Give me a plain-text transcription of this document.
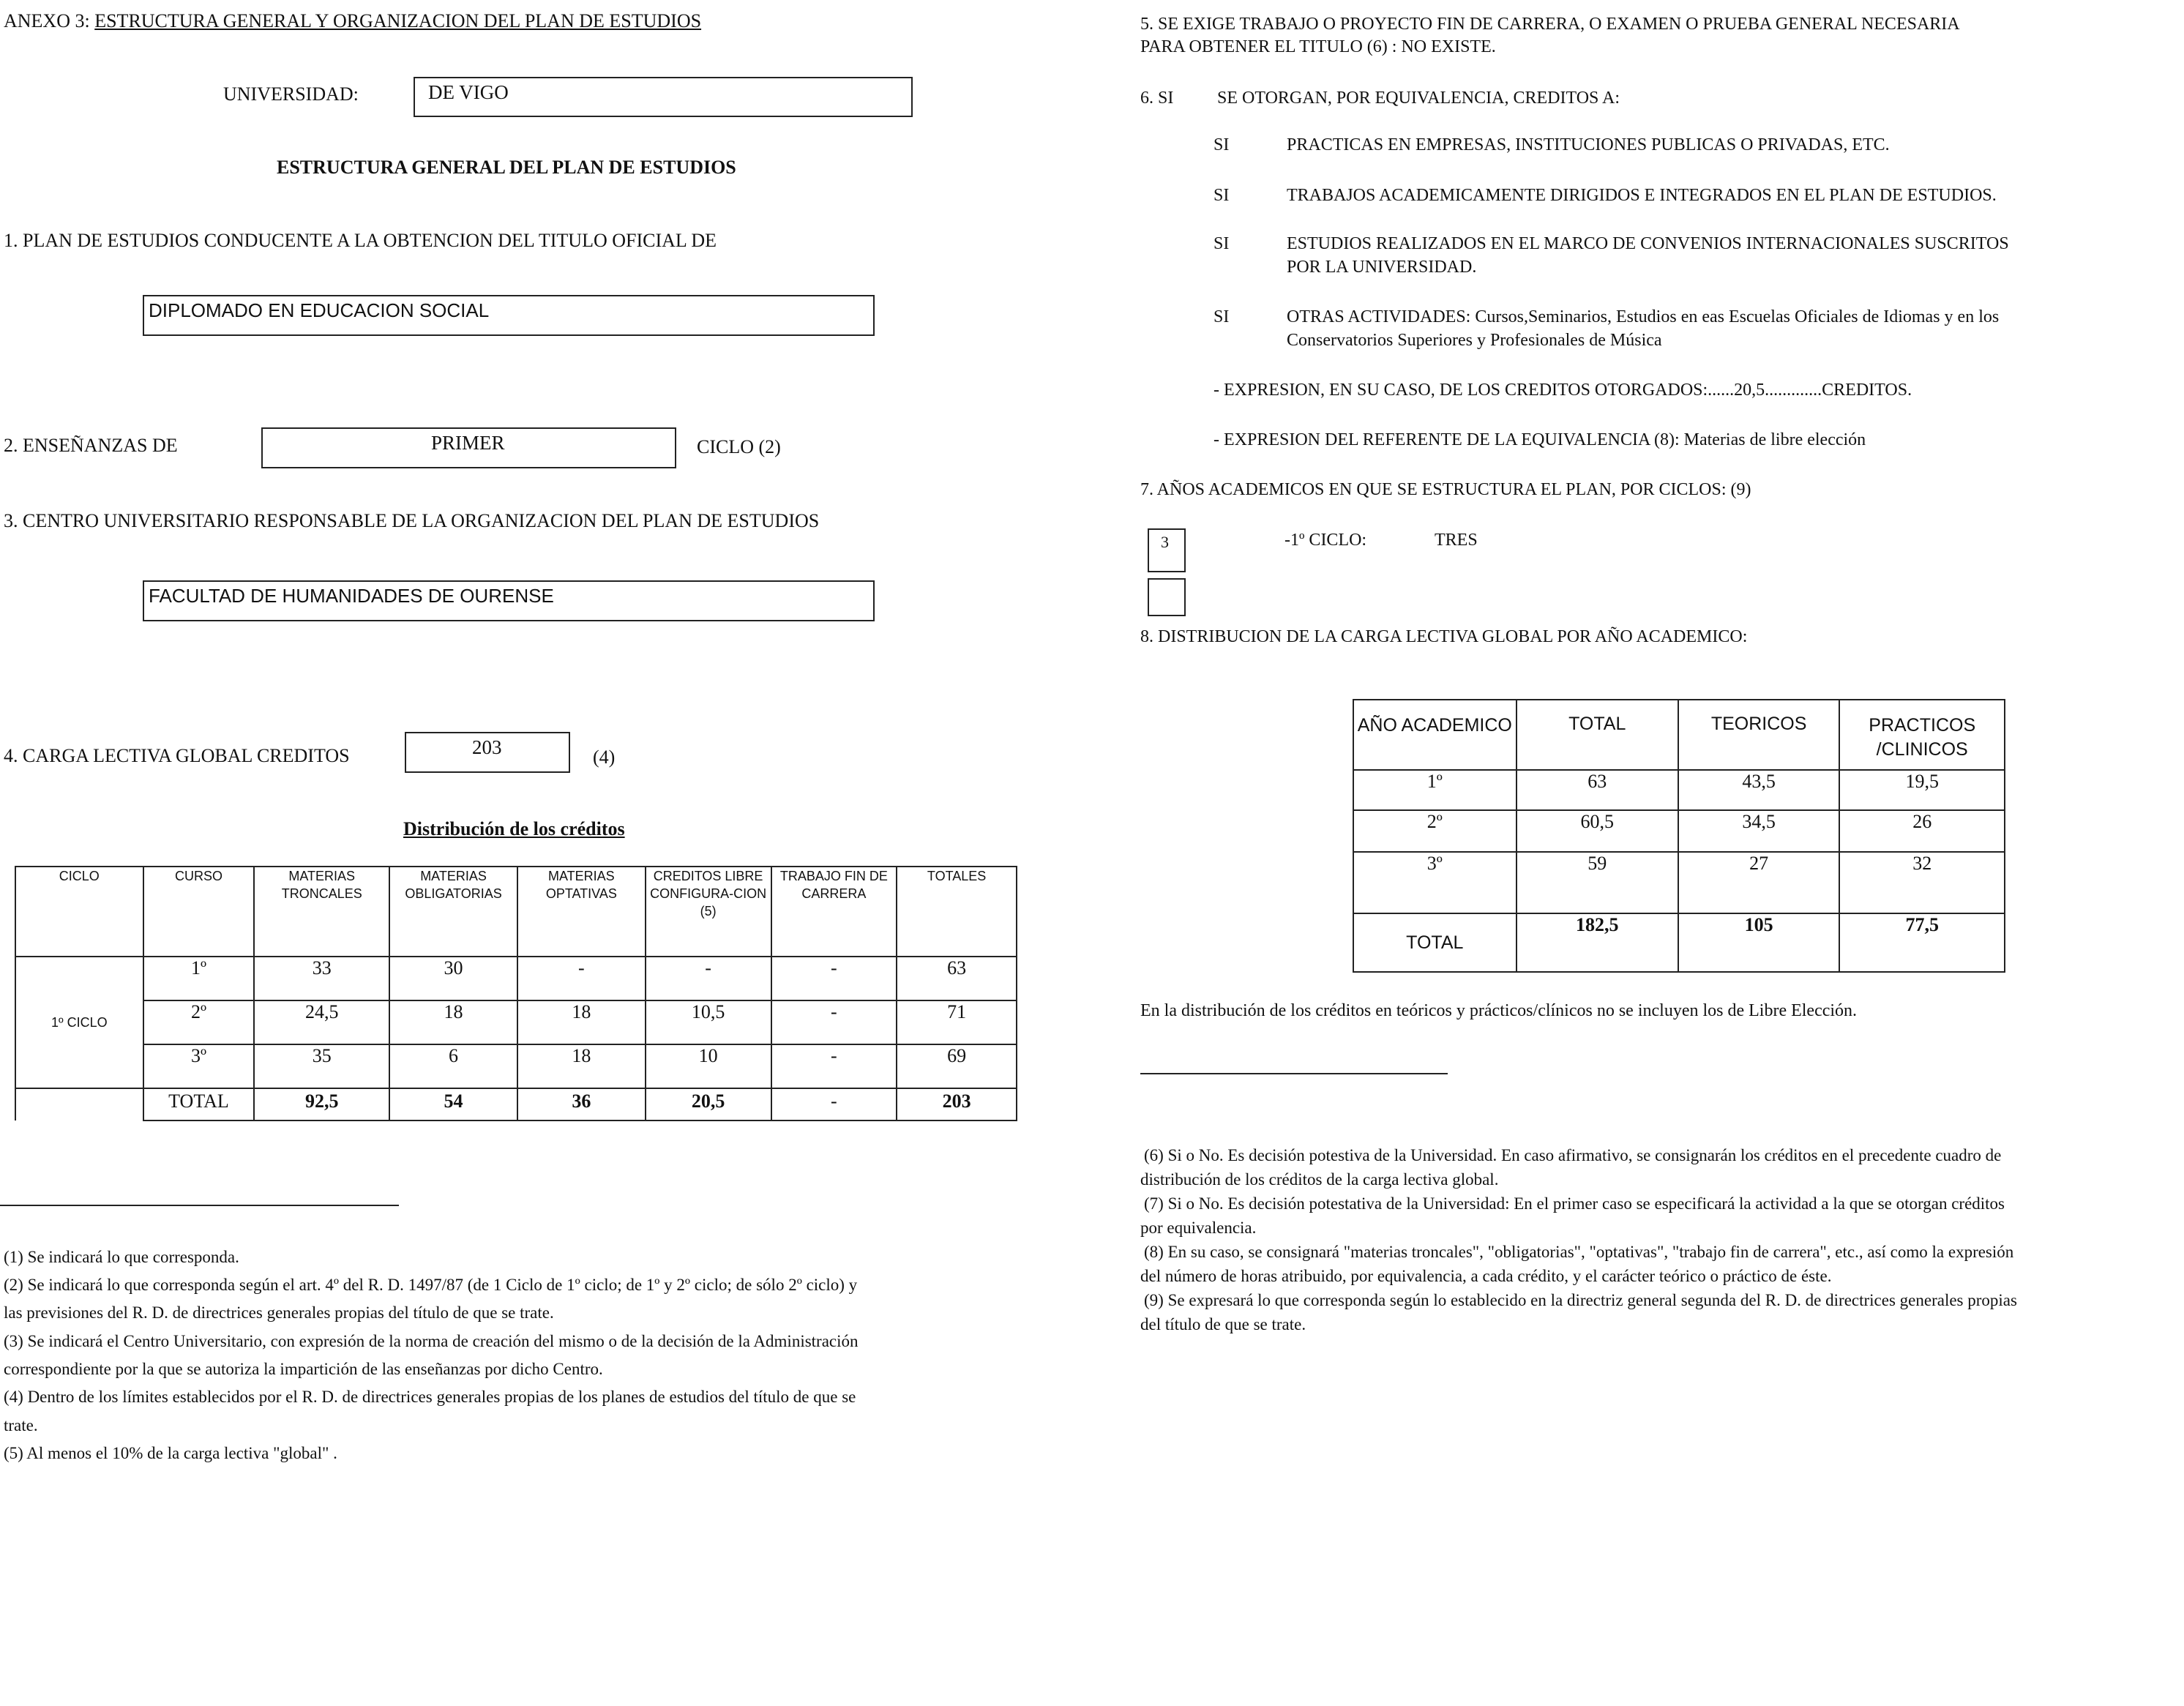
ANEXO 3: ESTRUCTURA GENERAL Y ORGANIZACION DEL PLAN DE ESTUDIOS
UNIVERSIDAD:	DE VIGO
ESTRUCTURA GENERAL DEL PLAN DE ESTUDIOS
1. PLAN DE ESTUDIOS CONDUCENTE A LA OBTENCION DEL TITULO OFICIAL DE
DIPLOMADO EN EDUCACION SOCIAL
2. ENSEÑANZAS DE	PRIMER	CICLO (2)
3. CENTRO UNIVERSITARIO RESPONSABLE DE LA ORGANIZACION DEL PLAN DE ESTUDIOS
FACULTAD DE HUMANIDADES DE OURENSE
4. CARGA LECTIVA GLOBAL CREDITOS	203	(4)
Distribución de los créditos
CICLO	CURSO	MATERIAS TRONCALES	MATERIAS OBLIGATORIAS	MATERIAS OPTATIVAS	CREDITOS LIBRE CONFIGURA-CION (5)	TRABAJO FIN DE CARRERA	TOTALES
1º CICLO	1º	33	30	-	-	-	63
	2º	24,5	18	18	10,5	-	71
	3º	35	6	18	10	-	69
	TOTAL	92,5	54	36	20,5	-	203
(1) Se indicará lo que corresponda.
(2) Se indicará lo que corresponda según el art. 4º del R. D. 1497/87 (de 1 Ciclo de 1º ciclo; de 1º y 2º ciclo; de sólo 2º ciclo) y
las previsiones del R. D. de directrices generales propias del título de que se trate.
(3) Se indicará el Centro Universitario, con expresión de la norma de creación del mismo o de la decisión de la Administración
correspondiente por la que se autoriza la impartición de las enseñanzas por dicho Centro.
(4) Dentro de los límites establecidos por el R. D. de directrices generales propias de los planes de estudios del título de que se
trate.
(5) Al menos el 10% de la carga lectiva "global" .
5. SE EXIGE TRABAJO O PROYECTO FIN DE CARRERA, O EXAMEN O PRUEBA GENERAL NECESARIA
PARA OBTENER EL TITULO (6) : NO EXISTE.
6. SI SE OTORGAN, POR EQUIVALENCIA, CREDITOS A:
SI	PRACTICAS EN EMPRESAS, INSTITUCIONES PUBLICAS O PRIVADAS, ETC.
SI	TRABAJOS ACADEMICAMENTE DIRIGIDOS E INTEGRADOS EN EL PLAN DE ESTUDIOS.
SI	ESTUDIOS REALIZADOS EN EL MARCO DE CONVENIOS INTERNACIONALES SUSCRITOS
POR LA UNIVERSIDAD.
SI	OTRAS ACTIVIDADES: Cursos,Seminarios, Estudios en eas Escuelas Oficiales de Idiomas y en los
Conservatorios Superiores y Profesionales de Música
- EXPRESION, EN SU CASO, DE LOS CREDITOS OTORGADOS:......20,5.............CREDITOS.
- EXPRESION DEL REFERENTE DE LA EQUIVALENCIA (8): Materias de libre elección
7. AÑOS ACADEMICOS EN QUE SE ESTRUCTURA EL PLAN, POR CICLOS: (9)
3	-1º CICLO:	TRES
8. DISTRIBUCION DE LA CARGA LECTIVA GLOBAL POR AÑO ACADEMICO:
AÑO ACADEMICO	TOTAL	TEORICOS	PRACTICOS /CLINICOS
1º	63	43,5	19,5
2º	60,5	34,5	26
3º	59	27	32
TOTAL	182,5	105	77,5
En la distribución de los créditos en teóricos y prácticos/clínicos no se incluyen los de Libre Elección.
(6) Si o No. Es decisión potestiva de la Universidad. En caso afirmativo, se consignarán los créditos en el precedente cuadro de
distribución de los créditos de la carga lectiva global.
(7) Si o No. Es decisión potestativa de la Universidad: En el primer caso se especificará la actividad a la que se otorgan créditos
por equivalencia.
(8) En su caso, se consignará "materias troncales", "obligatorias", "optativas", "trabajo fin de carrera", etc., así como la expresión
del número de horas atribuido, por equivalencia, a cada crédito, y el carácter teórico o práctico de éste.
(9) Se expresará lo que corresponda según lo establecido en la directriz general segunda del R. D. de directrices generales propias
del título de que se trate.
